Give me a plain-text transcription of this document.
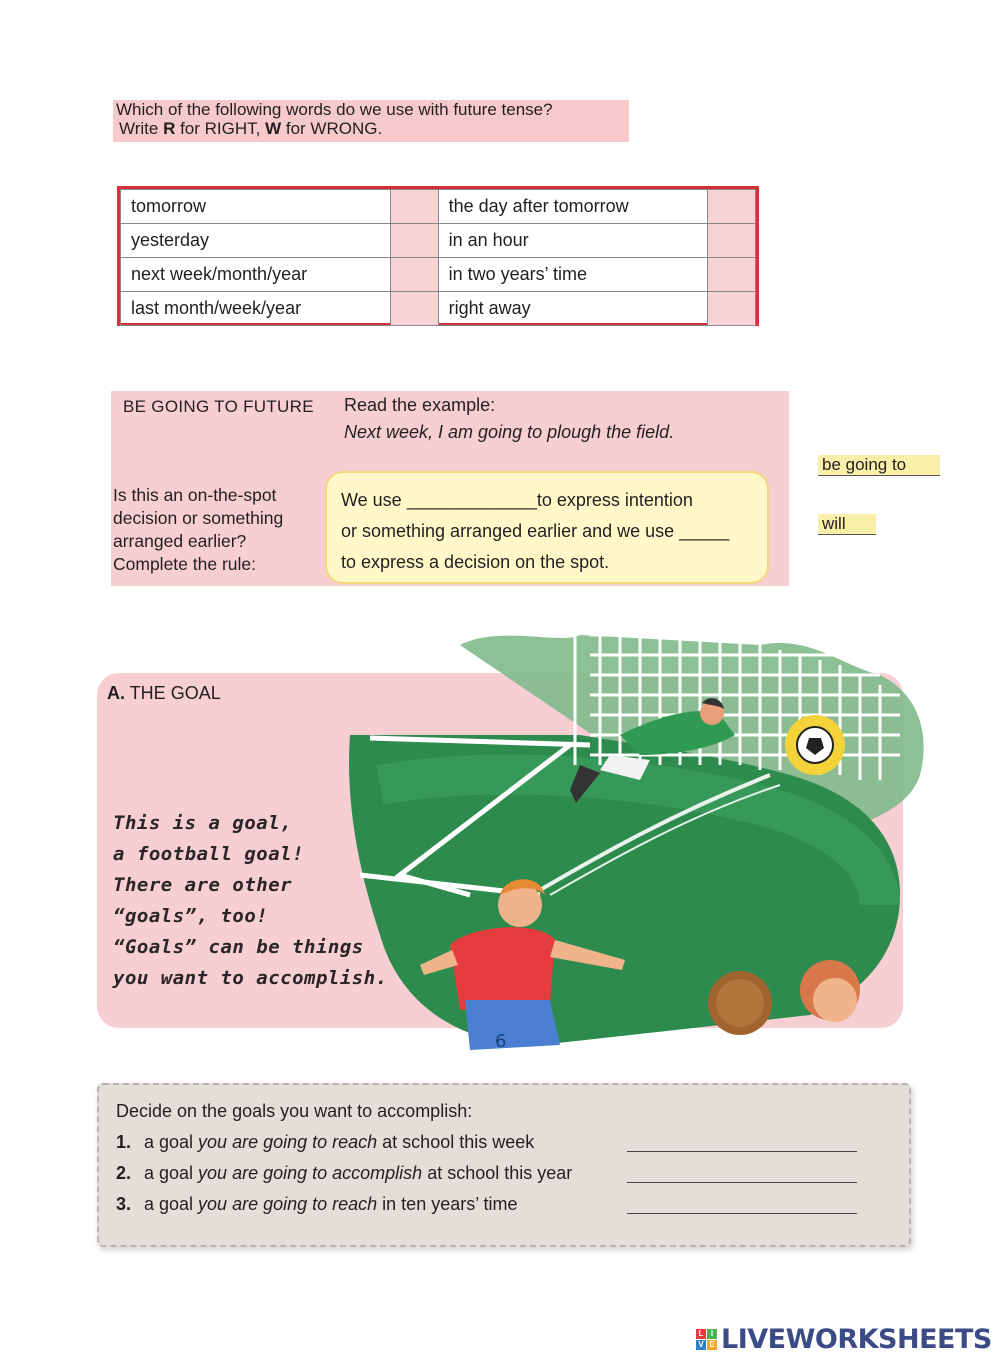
Which of the following words do we use with future tense?
Write R for RIGHT, W for WRONG.
tomorrow		the day after tomorrow	
yesterday		in an hour	
next week/month/year		in two years’ time	
last month/week/year		right away	
BE GOING TO FUTURE Read the example:
Next week, I am going to plough the field.
Is this an on-the-spot decision or something arranged earlier? Complete the rule:
We use _____________to express intention
or something arranged earlier and we use _____
to express a decision on the spot.
be going to
will
A. THE GOAL
6
This is a goal,
a football goal!
There are other
“goals”, too!
“Goals” can be things
you want to accomplish.
Decide on the goals you want to accomplish:
1. a goal you are going to reach at school this week
2. a goal you are going to accomplish at school this year
3. a goal you are going to reach in ten years’ time
L I
V E LIVEWORKSHEETS
